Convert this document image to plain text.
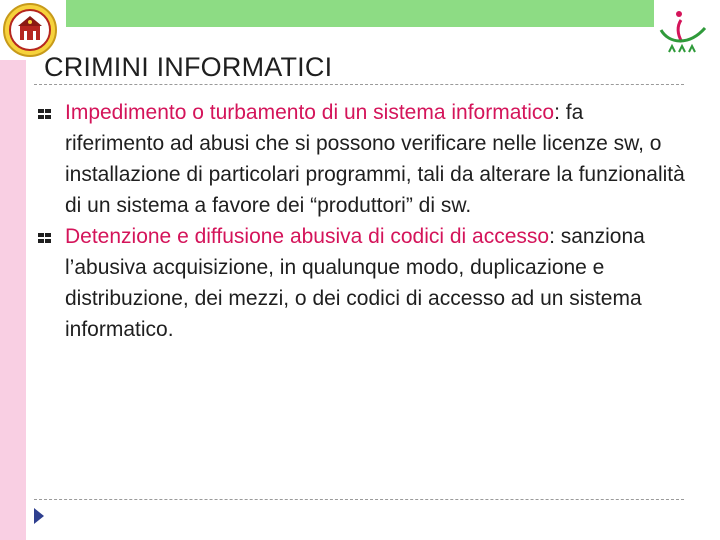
CRIMINI INFORMATICI
Impedimento o turbamento di un sistema informatico: fa riferimento ad abusi che si possono verificare nelle licenze sw, o installazione di particolari programmi, tali da alterare la funzionalità di un sistema a favore dei “produttori” di sw.
Detenzione e diffusione abusiva di codici di accesso: sanziona l’abusiva acquisizione, in qualunque modo, duplicazione e distribuzione, dei mezzi, o dei codici di accesso ad un sistema informatico.
